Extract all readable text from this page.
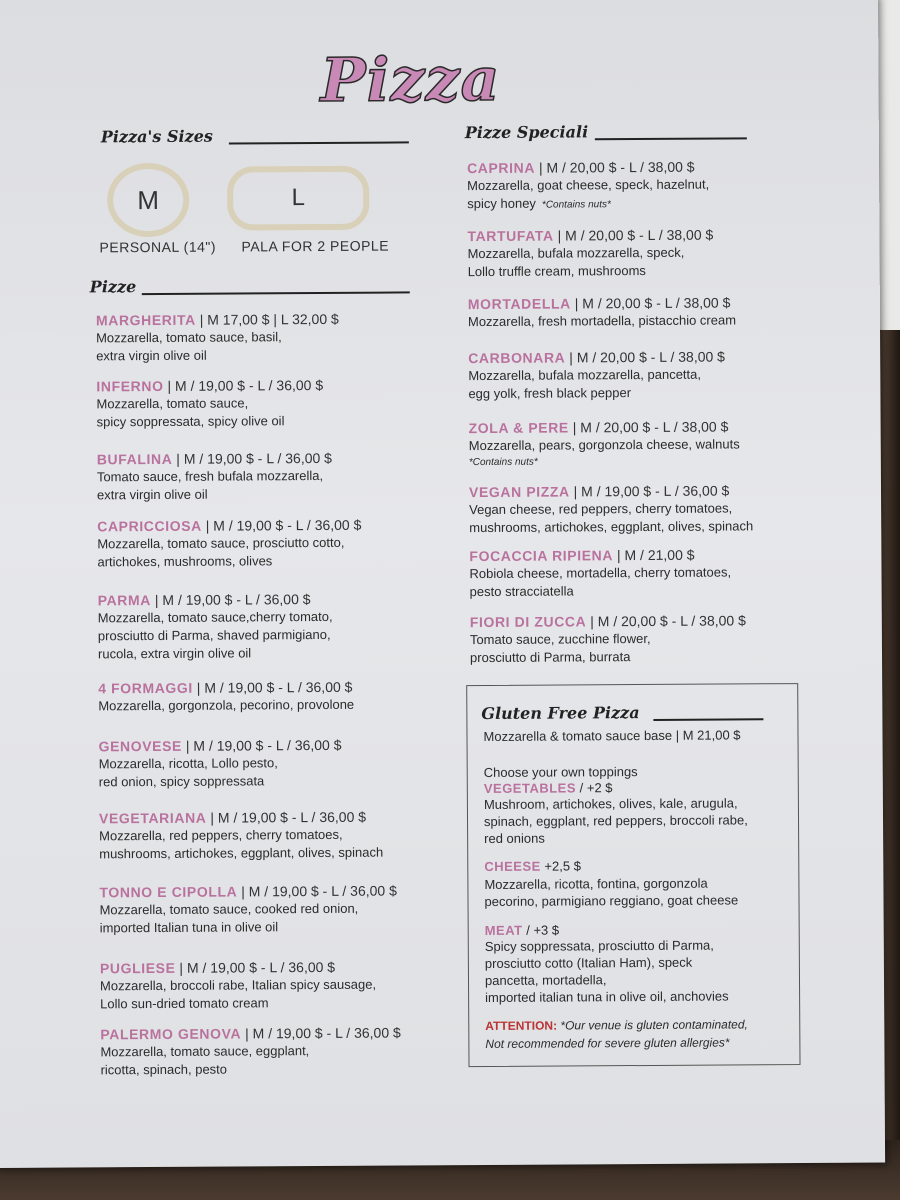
Pizza
Pizza's Sizes
M	L
PERSONAL (14") PALA FOR 2 PEOPLE
Pizze
Pizze Speciali
MARGHERITA | M 17,00 $ | L 32,00 $
Mozzarella, tomato sauce, basil,
extra virgin olive oil
INFERNO | M / 19,00 $ - L / 36,00 $
Mozzarella, tomato sauce,
spicy soppressata, spicy olive oil
BUFALINA | M / 19,00 $ - L / 36,00 $
Tomato sauce, fresh bufala mozzarella,
extra virgin olive oil
CAPRICCIOSA | M / 19,00 $ - L / 36,00 $
Mozzarella, tomato sauce, prosciutto cotto,
artichokes, mushrooms, olives
PARMA | M / 19,00 $ - L / 36,00 $
Mozzarella, tomato sauce,cherry tomato,
prosciutto di Parma, shaved parmigiano,
rucola, extra virgin olive oil
4 FORMAGGI | M / 19,00 $ - L / 36,00 $
Mozzarella, gorgonzola, pecorino, provolone
GENOVESE | M / 19,00 $ - L / 36,00 $
Mozzarella, ricotta, Lollo pesto,
red onion, spicy soppressata
VEGETARIANA | M / 19,00 $ - L / 36,00 $
Mozzarella, red peppers, cherry tomatoes,
mushrooms, artichokes, eggplant, olives, spinach
TONNO E CIPOLLA | M / 19,00 $ - L / 36,00 $
Mozzarella, tomato sauce, cooked red onion,
imported Italian tuna in olive oil
PUGLIESE | M / 19,00 $ - L / 36,00 $
Mozzarella, broccoli rabe, Italian spicy sausage,
Lollo sun-dried tomato cream
PALERMO GENOVA | M / 19,00 $ - L / 36,00 $
Mozzarella, tomato sauce, eggplant,
ricotta, spinach, pesto
CAPRINA | M / 20,00 $ - L / 38,00 $
Mozzarella, goat cheese, speck, hazelnut,
spicy honey *Contains nuts*
TARTUFATA | M / 20,00 $ - L / 38,00 $
Mozzarella, bufala mozzarella, speck,
Lollo truffle cream, mushrooms
MORTADELLA | M / 20,00 $ - L / 38,00 $
Mozzarella, fresh mortadella, pistacchio cream
CARBONARA | M / 20,00 $ - L / 38,00 $
Mozzarella, bufala mozzarella, pancetta,
egg yolk, fresh black pepper
ZOLA & PERE | M / 20,00 $ - L / 38,00 $
Mozzarella, pears, gorgonzola cheese, walnuts
*Contains nuts*
VEGAN PIZZA | M / 19,00 $ - L / 36,00 $
Vegan cheese, red peppers, cherry tomatoes,
mushrooms, artichokes, eggplant, olives, spinach
FOCACCIA RIPIENA | M / 21,00 $
Robiola cheese, mortadella, cherry tomatoes,
pesto stracciatella
FIORI DI ZUCCA | M / 20,00 $ - L / 38,00 $
Tomato sauce, zucchine flower,
prosciutto di Parma, burrata
Gluten Free Pizza
Mozzarella & tomato sauce base | M 21,00 $
Choose your own toppings
VEGETABLES / +2 $
Mushroom, artichokes, olives, kale, arugula,
spinach, eggplant, red peppers, broccoli rabe,
red onions
CHEESE +2,5 $
Mozzarella, ricotta, fontina, gorgonzola
pecorino, parmigiano reggiano, goat cheese
MEAT / +3 $
Spicy soppressata, prosciutto di Parma,
prosciutto cotto (Italian Ham), speck
pancetta, mortadella,
imported italian tuna in olive oil, anchovies
ATTENTION: *Our venue is gluten contaminated,
Not recommended for severe gluten allergies*
